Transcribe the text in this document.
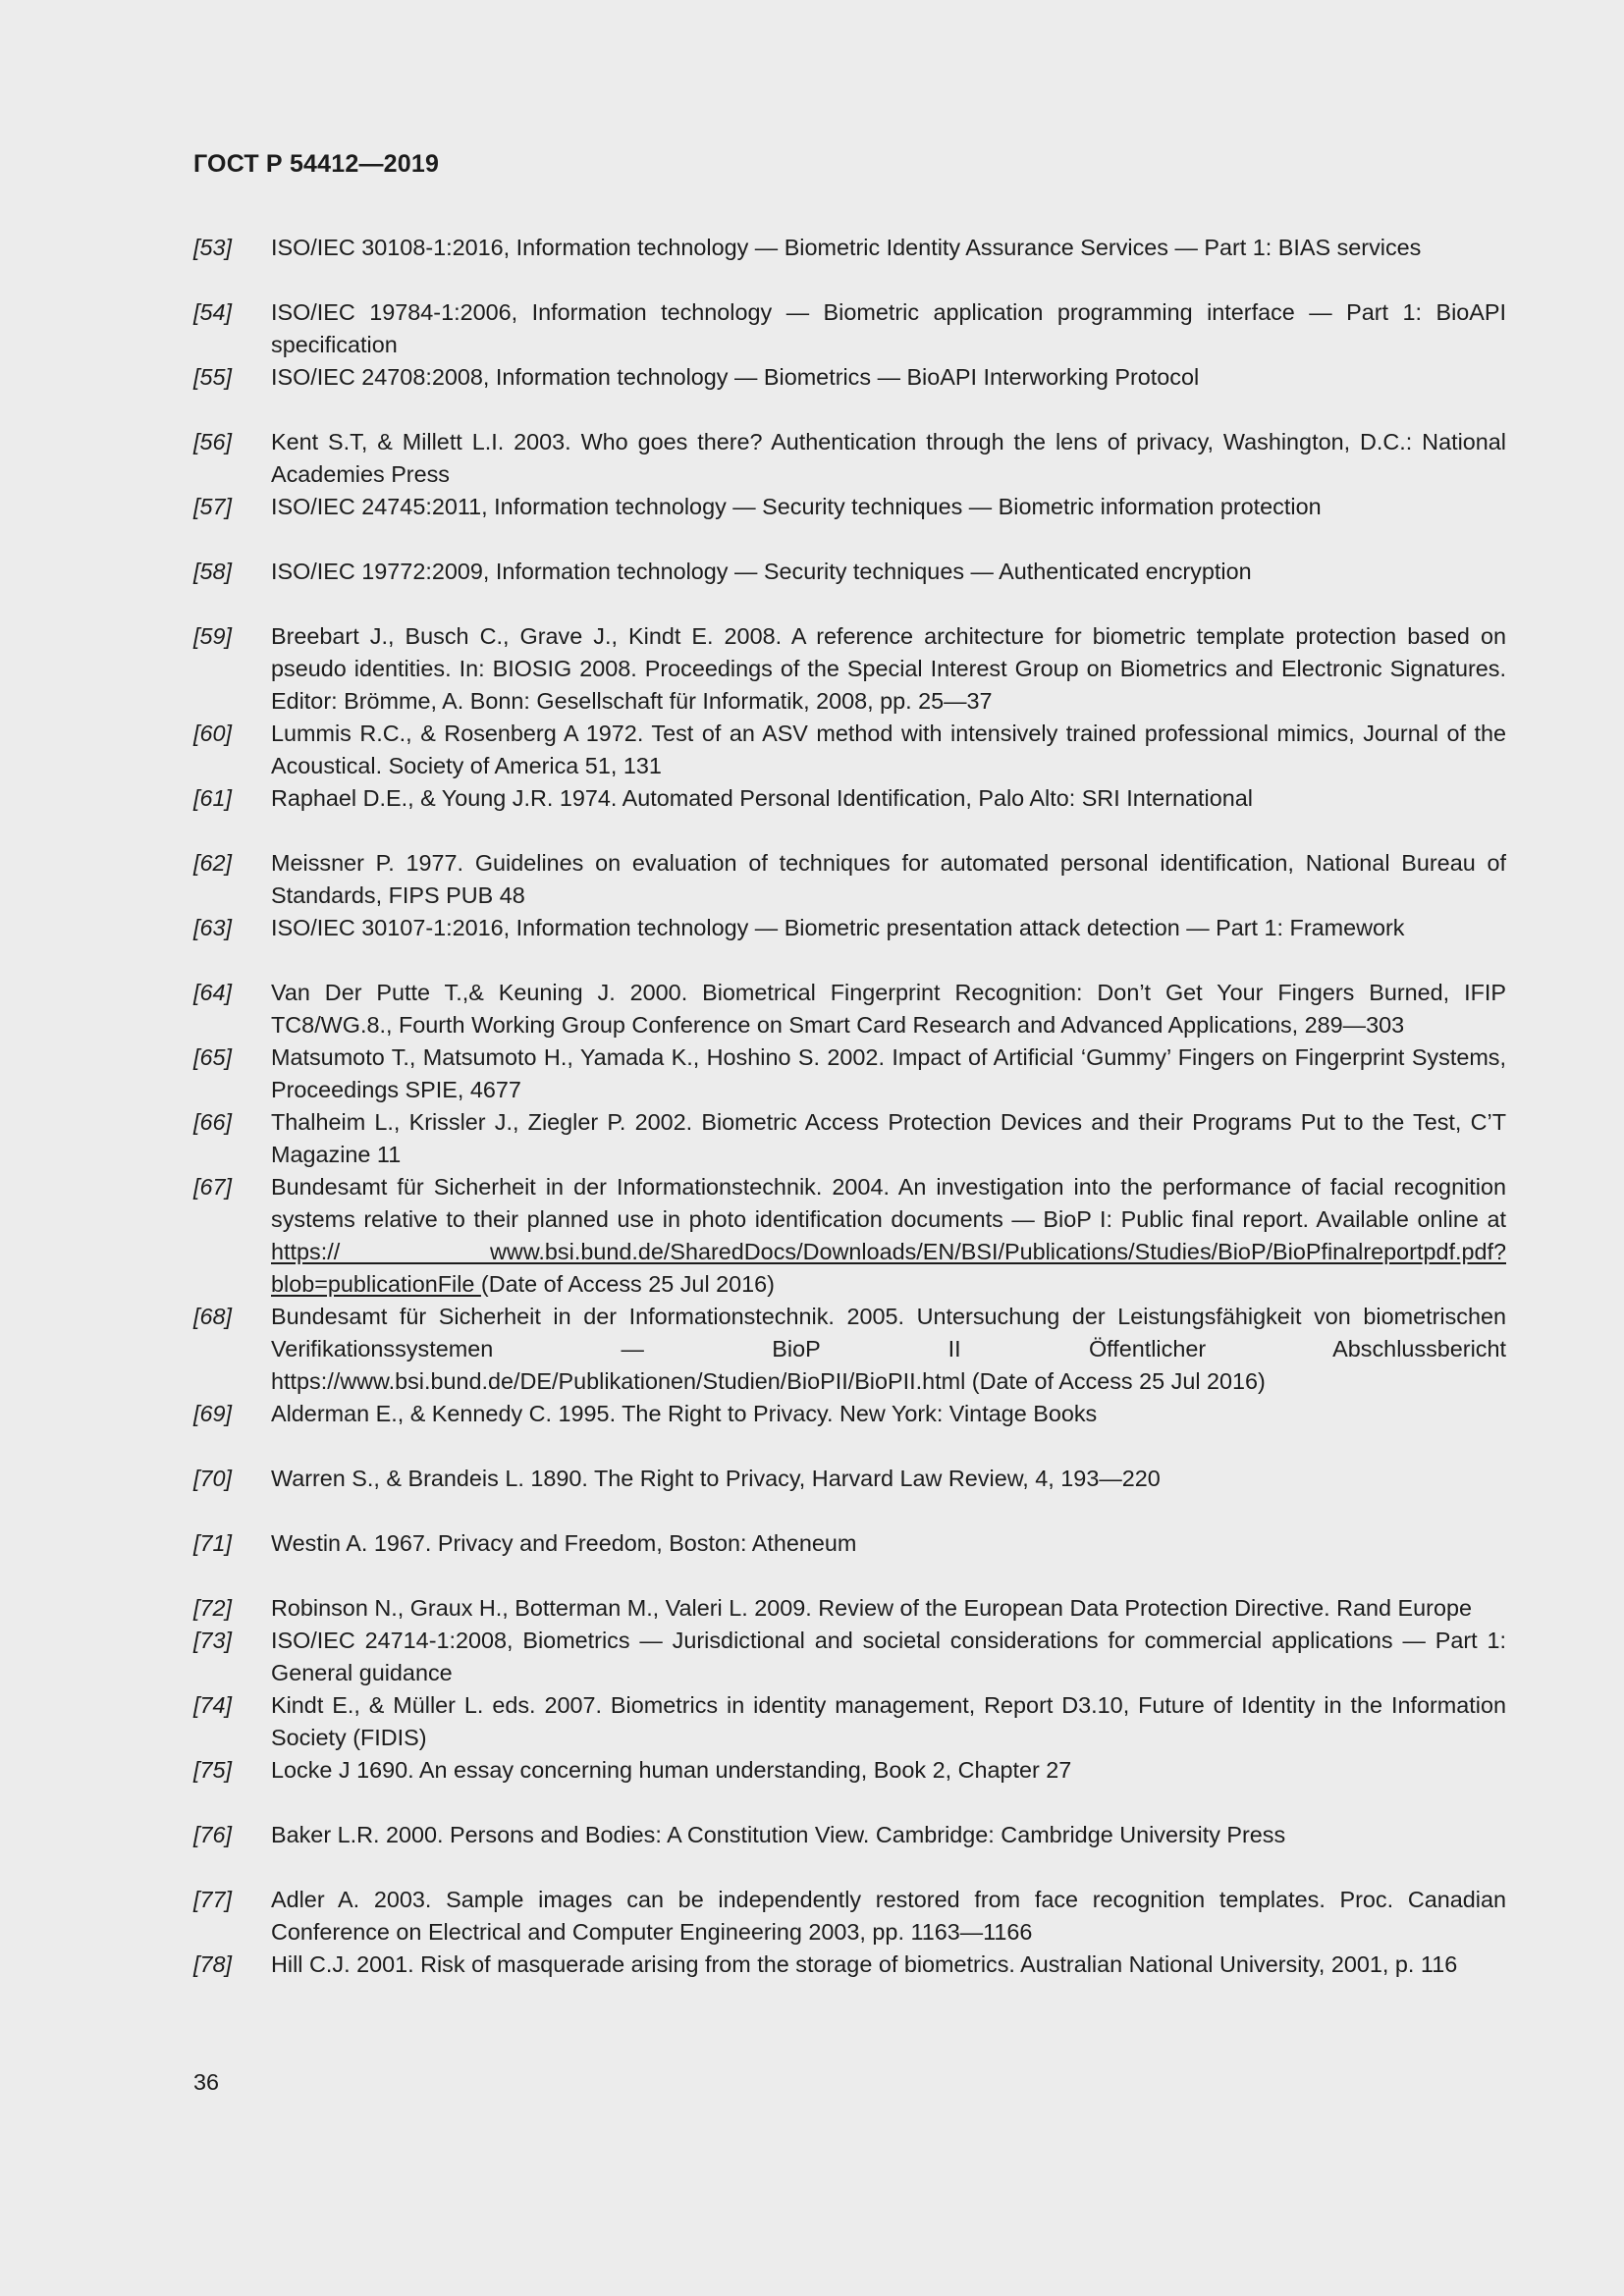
ГОСТ Р 54412—2019
[53]	ISO/IEC 30108-1:2016, Information technology — Biometric Identity Assurance Services — Part 1: BIAS services
[54]	ISO/IEC 19784-1:2006, Information technology — Biometric application programming interface — Part 1: BioAPI specification
[55]	ISO/IEC 24708:2008, Information technology — Biometrics — BioAPI Interworking Protocol
[56]	Kent S.T, & Millett L.I. 2003. Who goes there? Authentication through the lens of privacy, Washington, D.C.: National Academies Press
[57]	ISO/IEC 24745:2011, Information technology — Security techniques — Biometric information protection
[58]	ISO/IEC 19772:2009, Information technology — Security techniques — Authenticated encryption
[59]	Breebart J., Busch C., Grave J., Kindt E. 2008. A reference architecture for biometric template protection based on pseudo identities. In: BIOSIG 2008. Proceedings of the Special Interest Group on Biometrics and Electronic Signatures. Editor: Brömme, A. Bonn: Gesellschaft für Informatik, 2008, pp. 25—37
[60]	Lummis R.C., & Rosenberg A 1972. Test of an ASV method with intensively trained professional mimics, Journal of the Acoustical. Society of America 51, 131
[61]	Raphael D.E., & Young J.R. 1974. Automated Personal Identification, Palo Alto: SRI International
[62]	Meissner P. 1977. Guidelines on evaluation of techniques for automated personal identification, National Bureau of Standards, FIPS PUB 48
[63]	ISO/IEC 30107-1:2016, Information technology — Biometric presentation attack detection — Part 1: Framework
[64]	Van Der Putte T.,& Keuning J. 2000. Biometrical Fingerprint Recognition: Don’t Get Your Fingers Burned, IFIP TC8/WG.8., Fourth Working Group Conference on Smart Card Research and Advanced Applications, 289—303
[65]	Matsumoto T., Matsumoto H., Yamada K., Hoshino S. 2002. Impact of Artificial ‘Gummy’ Fingers on Fingerprint Systems, Proceedings SPIE, 4677
[66]	Thalheim L., Krissler J., Ziegler P. 2002. Biometric Access Protection Devices and their Programs Put to the Test, C’T Magazine 11
[67]	Bundesamt für Sicherheit in der Informationstechnik. 2004. An investigation into the performance of facial recognition systems relative to their planned use in photo identification documents — BioP I: Public final report. Available online at https:// www.bsi.bund.de/SharedDocs/Downloads/EN/BSI/Publications/Studies/BioP/BioPfinalreportpdf.pdf?blob=publicationFile (Date of Access 25 Jul 2016)
[68]	Bundesamt für Sicherheit in der Informationstechnik. 2005. Untersuchung der Leistungsfähigkeit von biometrischen Verifikationssystemen — BioP II Öffentlicher Abschlussbericht https://www.bsi.bund.de/DE/Publikationen/Studien/BioPII/BioPII.html (Date of Access 25 Jul 2016)
[69]	Alderman E., & Kennedy C. 1995. The Right to Privacy. New York: Vintage Books
[70]	Warren S., & Brandeis L. 1890. The Right to Privacy, Harvard Law Review, 4, 193—220
[71]	Westin A. 1967. Privacy and Freedom, Boston: Atheneum
[72]	Robinson N., Graux H., Botterman M., Valeri L. 2009. Review of the European Data Protection Directive. Rand Europe
[73]	ISO/IEC 24714-1:2008, Biometrics — Jurisdictional and societal considerations for commercial applications — Part 1: General guidance
[74]	Kindt E., & Müller L. eds. 2007. Biometrics in identity management, Report D3.10, Future of Identity in the Information Society (FIDIS)
[75]	Locke J 1690. An essay concerning human understanding, Book 2, Chapter 27
[76]	Baker L.R. 2000. Persons and Bodies: A Constitution View. Cambridge: Cambridge University Press
[77]	Adler A. 2003. Sample images can be independently restored from face recognition templates. Proc. Canadian Conference on Electrical and Computer Engineering 2003, pp. 1163—1166
[78]	Hill C.J. 2001. Risk of masquerade arising from the storage of biometrics. Australian National University, 2001, p. 116
36
